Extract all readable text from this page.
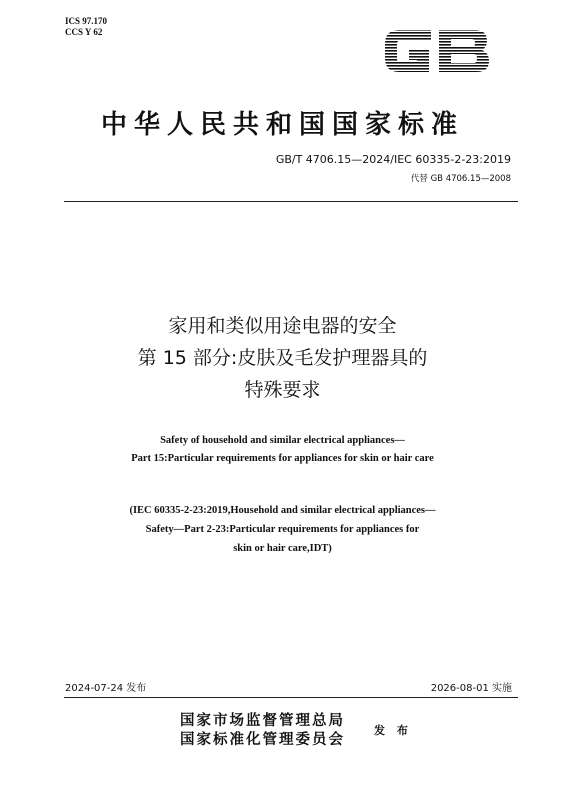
ICS 97.170
CCS Y 62
中华人民共和国国家标准
GB/T 4706.15—2024/IEC 60335-2-23:2019
代替 GB 4706.15—2008
家用和类似用途电器的安全
第 15 部分:皮肤及毛发护理器具的
特殊要求
Safety of household and similar electrical appliances—
Part 15:Particular requirements for appliances for skin or hair care
(IEC 60335-2-23:2019,Household and similar electrical appliances—
Safety—Part 2-23:Particular requirements for appliances for
skin or hair care,IDT)
2024-07-24 发布	2026-08-01 实施
国家市场监督管理总局
国家标准化管理委员会
发 布
